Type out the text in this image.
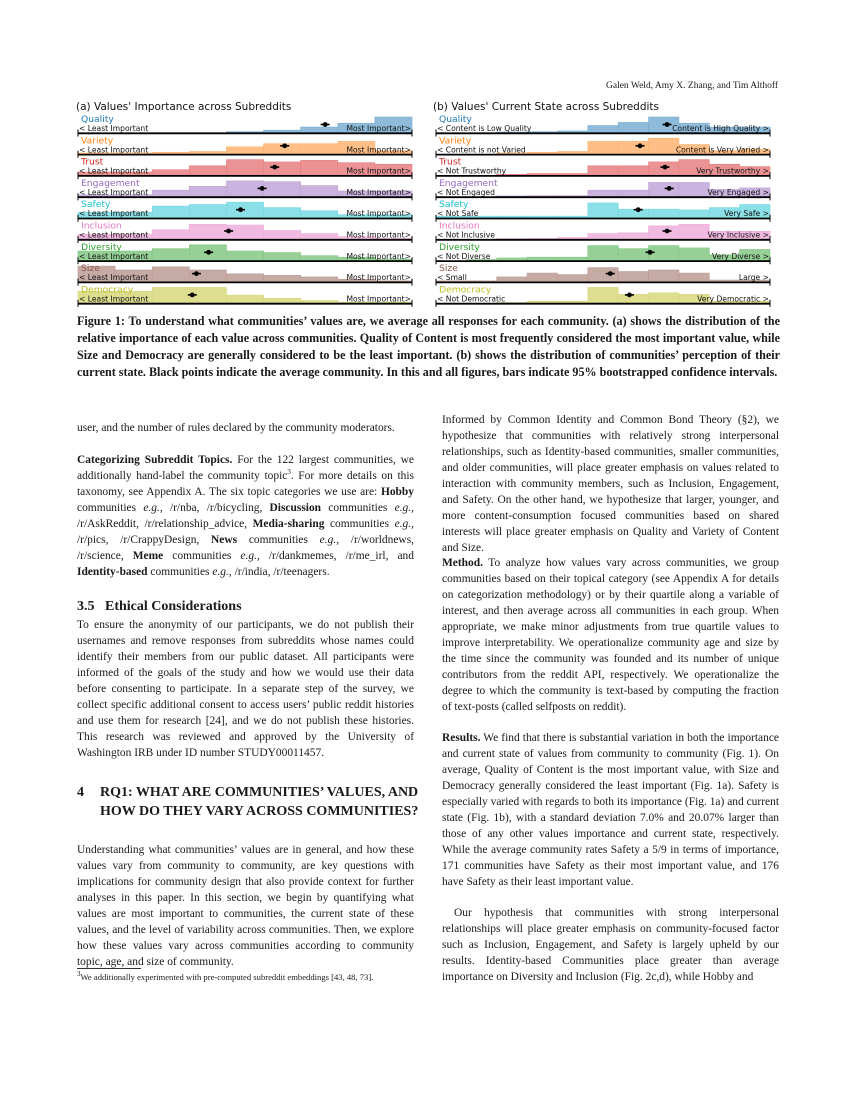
Galen Weld, Amy X. Zhang, and Tim Althoff
(a) Values' Importance across Subreddits	(b) Values' Current State across Subreddits
Quality
< Least Important	Most Important>
Variety
< Least Important	Most Important>
Trust
< Least Important	Most Important>
Engagement
< Least Important	Most Important>
Safety
< Least Important	Most Important>
Inclusion
< Least Important	Most Important>
Diversity
< Least Important	Most Important>
Size
< Least Important	Most Important>
Democracy
< Least Important	Most Important>
Quality
< Content is Low Quality	Content is High Quality >
Variety
< Content is not Varied	Content is Very Varied >
Trust
< Not Trustworthy	Very Trustworthy >
Engagement
< Not Engaged	Very Engaged >
Safety
< Not Safe	Very Safe >
Inclusion
< Not Inclusive	Very Inclusive >
Diversity
< Not Diverse	Very Diverse >
Size
< Small	Large >
Democracy
< Not Democratic	Very Democratic >
Figure 1: To understand what communities’ values are, we average all responses for each community. (a) shows the distribution of the relative importance of each value across communities. Quality of Content is most frequently considered the most important value, while Size and Democracy are generally considered to be the least important. (b) shows the distribution of communities’ perception of their current state. Black points indicate the average community. In this and all figures, bars indicate 95% bootstrapped confidence intervals.
user, and the number of rules declared by the community moderators.
Categorizing Subreddit Topics. For the 122 largest communities, we additionally hand-label the community topic$^3$. For more details on this taxonomy, see Appendix A. The six topic categories we use are: Hobby communities e.g., /r/nba, /r/bicycling, Discussion communities e.g., /r/AskReddit, /r/relationship_advice, Media-sharing communities e.g., /r/pics, /r/CrappyDesign, News communities e.g., /r/worldnews, /r/science, Meme communities e.g., /r/dankmemes, /r/me_irl, and Identity-based communities e.g., /r/india, /r/teenagers.
3.5 Ethical Considerations
To ensure the anonymity of our participants, we do not publish their usernames and remove responses from subreddits whose names could identify their members from our public dataset. All participants were informed of the goals of the study and how we would use their data before consenting to participate. In a separate step of the survey, we collect specific additional consent to access users’ public reddit histories and use them for research [24], and we do not publish these histories. This research was reviewed and approved by the University of Washington IRB under ID number STUDY00011457.
4 RQ1: WHAT ARE COMMUNITIES’ VALUES, AND HOW DO THEY VARY ACROSS COMMUNITIES?
Understanding what communities’ values are in general, and how these values vary from community to community, are key questions with implications for community design that also provide context for further analyses in this paper. In this section, we begin by quantifying what values are most important to communities, the current state of these values, and the level of variability across communities. Then, we explore how these values vary across communities according to community topic, age, and size of community.
$^3$We additionally experimented with pre-computed subreddit embeddings [43, 48, 73].
Informed by Common Identity and Common Bond Theory (§2), we hypothesize that communities with relatively strong interpersonal relationships, such as Identity-based communities, smaller communities, and older communities, will place greater emphasis on values related to interaction with community members, such as Inclusion, Engagement, and Safety. On the other hand, we hypothesize that larger, younger, and more content-consumption focused communities based on shared interests will place greater emphasis on Quality and Variety of Content and Size.
Method. To analyze how values vary across communities, we group communities based on their topical category (see Appendix A for details on categorization methodology) or by their quartile along a variable of interest, and then average across all communities in each group. When appropriate, we make minor adjustments from true quartile values to improve interpretability. We operationalize community age and size by the time since the community was founded and its number of unique contributors from the reddit API, respectively. We operationalize the degree to which the community is text-based by computing the fraction of text-posts (called selfposts on reddit).
Results. We find that there is substantial variation in both the importance and current state of values from community to community (Fig. 1). On average, Quality of Content is the most important value, with Size and Democracy generally considered the least important (Fig. 1a). Safety is especially varied with regards to both its importance (Fig. 1a) and current state (Fig. 1b), with a standard deviation 7.0% and 20.07% larger than those of any other values importance and current state, respectively. While the average community rates Safety a 5/9 in terms of importance, 171 communities have Safety as their most important value, and 176 have Safety as their least important value.
Our hypothesis that communities with strong interpersonal relationships will place greater emphasis on community-focused factor such as Inclusion, Engagement, and Safety is largely upheld by our results. Identity-based Communities place greater than average importance on Diversity and Inclusion (Fig. 2c,d), while Hobby and
